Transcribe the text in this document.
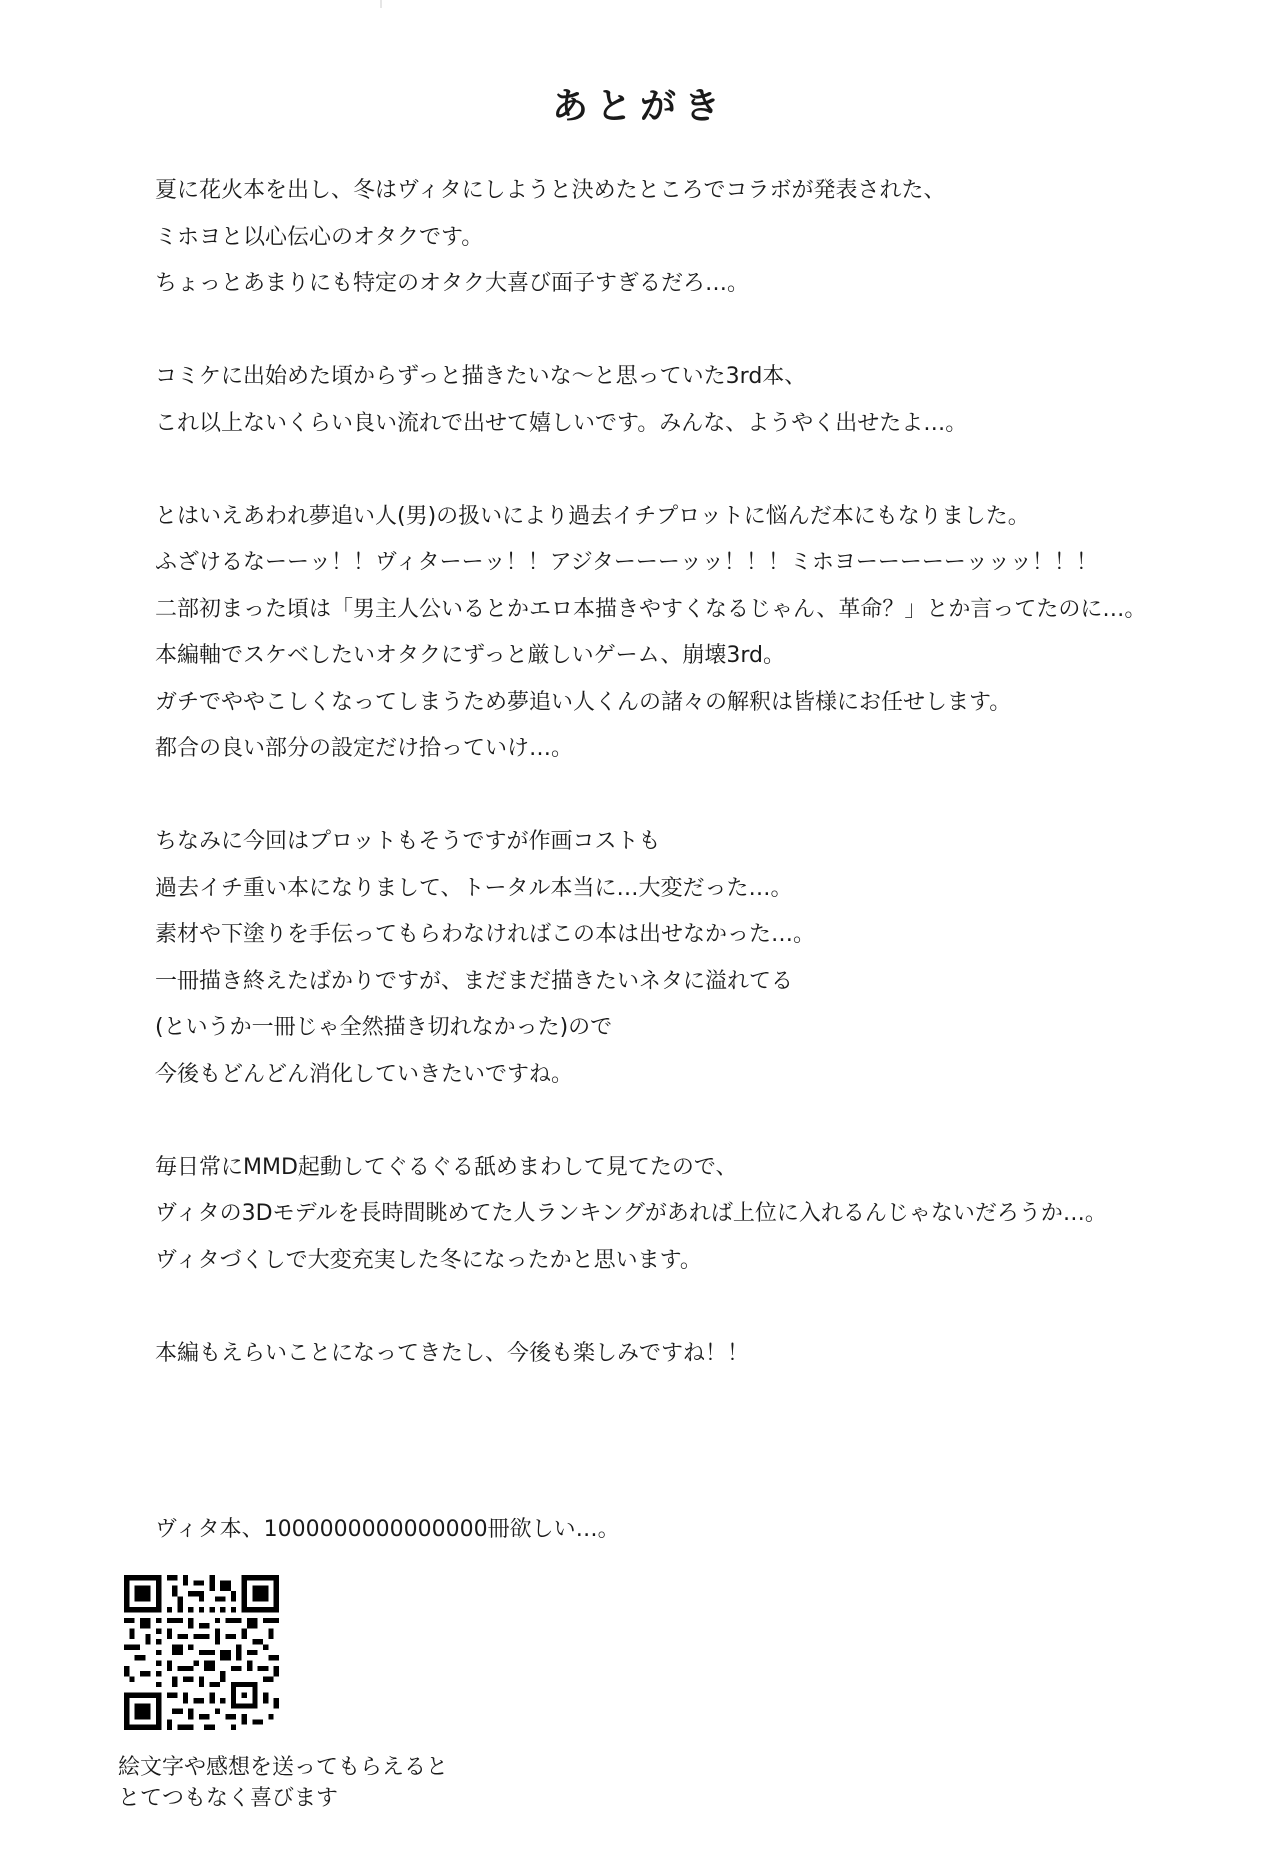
あとがき
夏に花火本を出し、冬はヴィタにしようと決めたところでコラボが発表された、
ミホヨと以心伝心のオタクです。
ちょっとあまりにも特定のオタク大喜び面子すぎるだろ…。
コミケに出始めた頃からずっと描きたいな〜と思っていた3rd本、
これ以上ないくらい良い流れで出せて嬉しいです。みんな、ようやく出せたよ…。
とはいえあわれ夢追い人(男)の扱いにより過去イチプロットに悩んだ本にもなりました。
ふざけるなーーッ！！ヴィターーッ！！アジターーーッッ！！！ミホヨーーーーーッッッ！！！
二部初まった頃は「男主人公いるとかエロ本描きやすくなるじゃん、革命？」とか言ってたのに…。
本編軸でスケベしたいオタクにずっと厳しいゲーム、崩壊3rd。
ガチでややこしくなってしまうため夢追い人くんの諸々の解釈は皆様にお任せします。
都合の良い部分の設定だけ拾っていけ…。
ちなみに今回はプロットもそうですが作画コストも
過去イチ重い本になりまして、トータル本当に…大変だった…。
素材や下塗りを手伝ってもらわなければこの本は出せなかった…。
一冊描き終えたばかりですが、まだまだ描きたいネタに溢れてる
(というか一冊じゃ全然描き切れなかった)ので
今後もどんどん消化していきたいですね。
毎日常にMMD起動してぐるぐる舐めまわして見てたので、
ヴィタの3Dモデルを長時間眺めてた人ランキングがあれば上位に入れるんじゃないだろうか…。
ヴィタづくしで大変充実した冬になったかと思います。
本編もえらいことになってきたし、今後も楽しみですね！！
ヴィタ本、1000000000000000冊欲しい…。
絵文字や感想を送ってもらえると
とてつもなく喜びます
